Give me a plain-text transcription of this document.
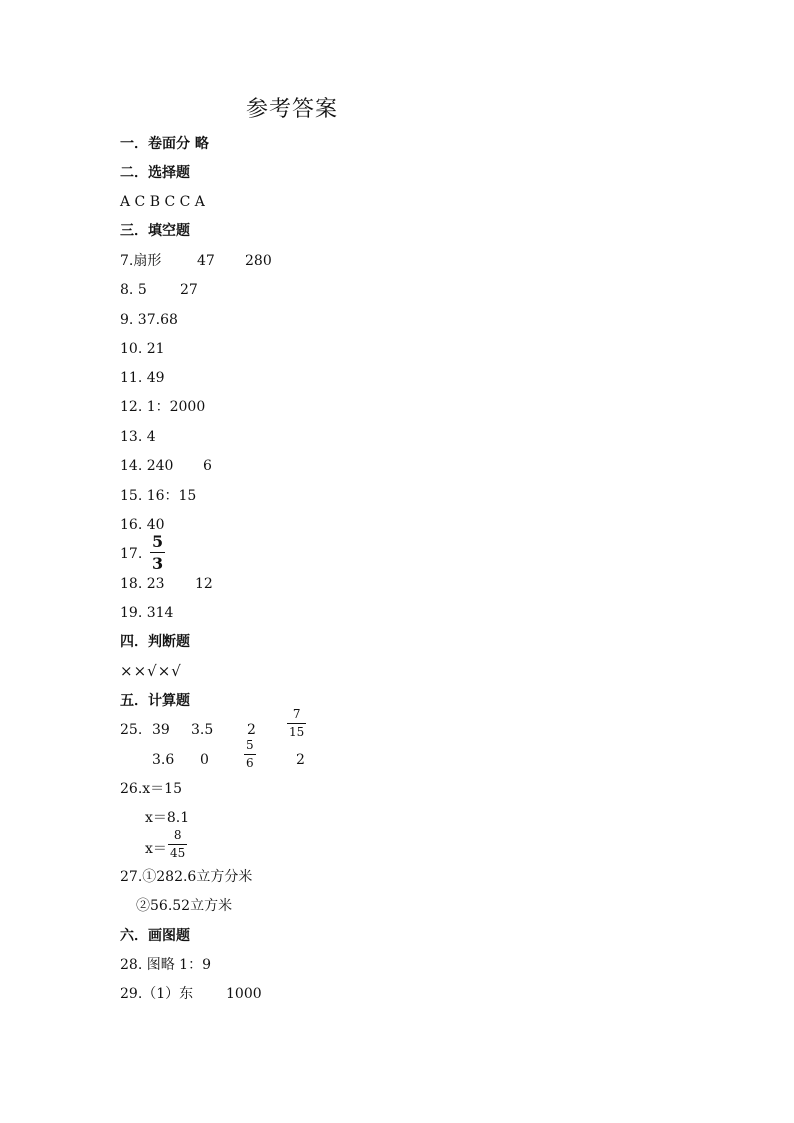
参考答案
一．卷面分 略
二．选择题
A C B C C A
三．填空题
7.扇形	47 280
8. 5 27
9. 37.68
10. 21
11. 49
12. 1：2000
13. 4
14. 240 6
15. 16：15
16. 40
17.
5
3
18. 23 12
19. 314
四．判断题
××√×√
五．计算题
25. 39 3.5 2
7
15
3.6 0
5
6	2
26.x＝15
x＝8.1
x＝
8
45
27.①282.6立方分米
②56.52立方米
六．画图题
28. 图略 1：9
29.（1）东 1000
